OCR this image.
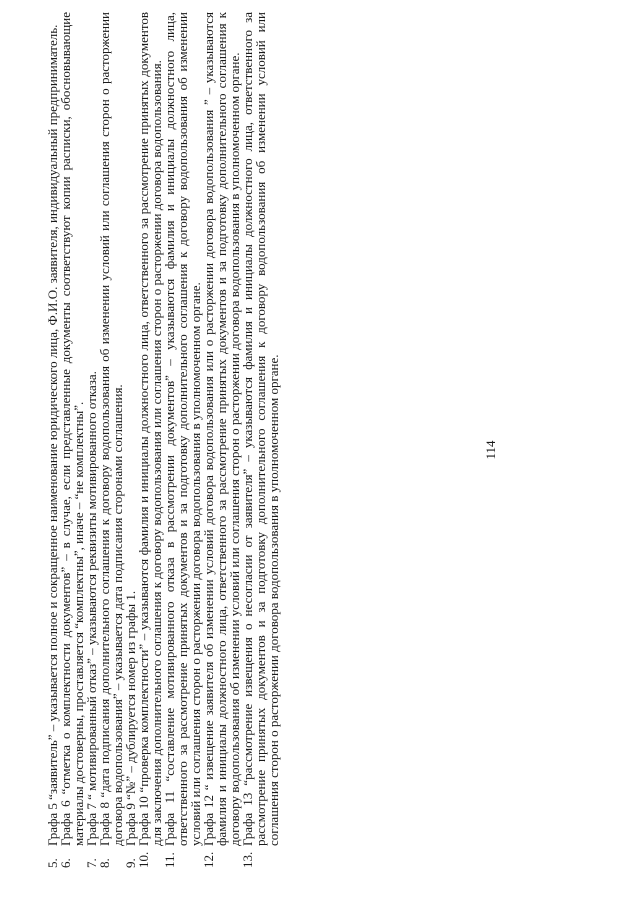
5.
Графа 5 “заявитель” – указывается полное и сокращенное наименование юридического лица, Ф.И.О. заявителя, индивидуальный предприниматель.
6.
Графа 6 “отметка о комплектности документов” – в случае, если представленные документы соответствуют копии расписки, обосновывающие материалы достоверны, проставляется “комплектны”, иначе – “не комплектны”.
7.
Графа 7 “ мотивированный отказ” – указываются реквизиты мотивированного отказа.
8.
Графа 8 “дата подписания дополнительного соглашения к договору водопользования об изменении условий или соглашения сторон о расторжении договора водопользования” – указывается дата подписания сторонами соглашения.
9.
Графа 9 “№” – дублируется номер из графы 1.
10.
Графа 10 “проверка комплектности” – указываются фамилия и инициалы должностного лица, ответственного за рассмотрение принятых документов для заключения дополнительного соглашения к договору водопользования или соглашения сторон о расторжении договора водопользования.
11.
Графа 11 “составление мотивированного отказа в рассмотрении документов” – указываются фамилия и инициалы должностного лица, ответственного за рассмотрение принятых документов и за подготовку дополнительного соглашения к договору водопользования об изменении условий или соглашения сторон о расторжении договора водопользования в уполномоченном органе.
12.
Графа 12 “ извещение заявителя об изменении условий договора водопользования или о расторжении договора водопользования ” – указываются фамилия и инициалы должностного лица, ответственного за рассмотрение принятых документов и за подготовку дополнительного соглашения к договору водопользования об изменении условий или соглашения сторон о расторжении договора водопользования в уполномоченном органе.
13.
Графа 13 “рассмотрение извещения о несогласии от заявителя” – указываются фамилия и инициалы должностного лица, ответственного за рассмотрение принятых документов и за подготовку дополнительного соглашения к договору водопользования об изменении условий или соглашения сторон о расторжении договора водопользования в уполномоченном органе.	114
